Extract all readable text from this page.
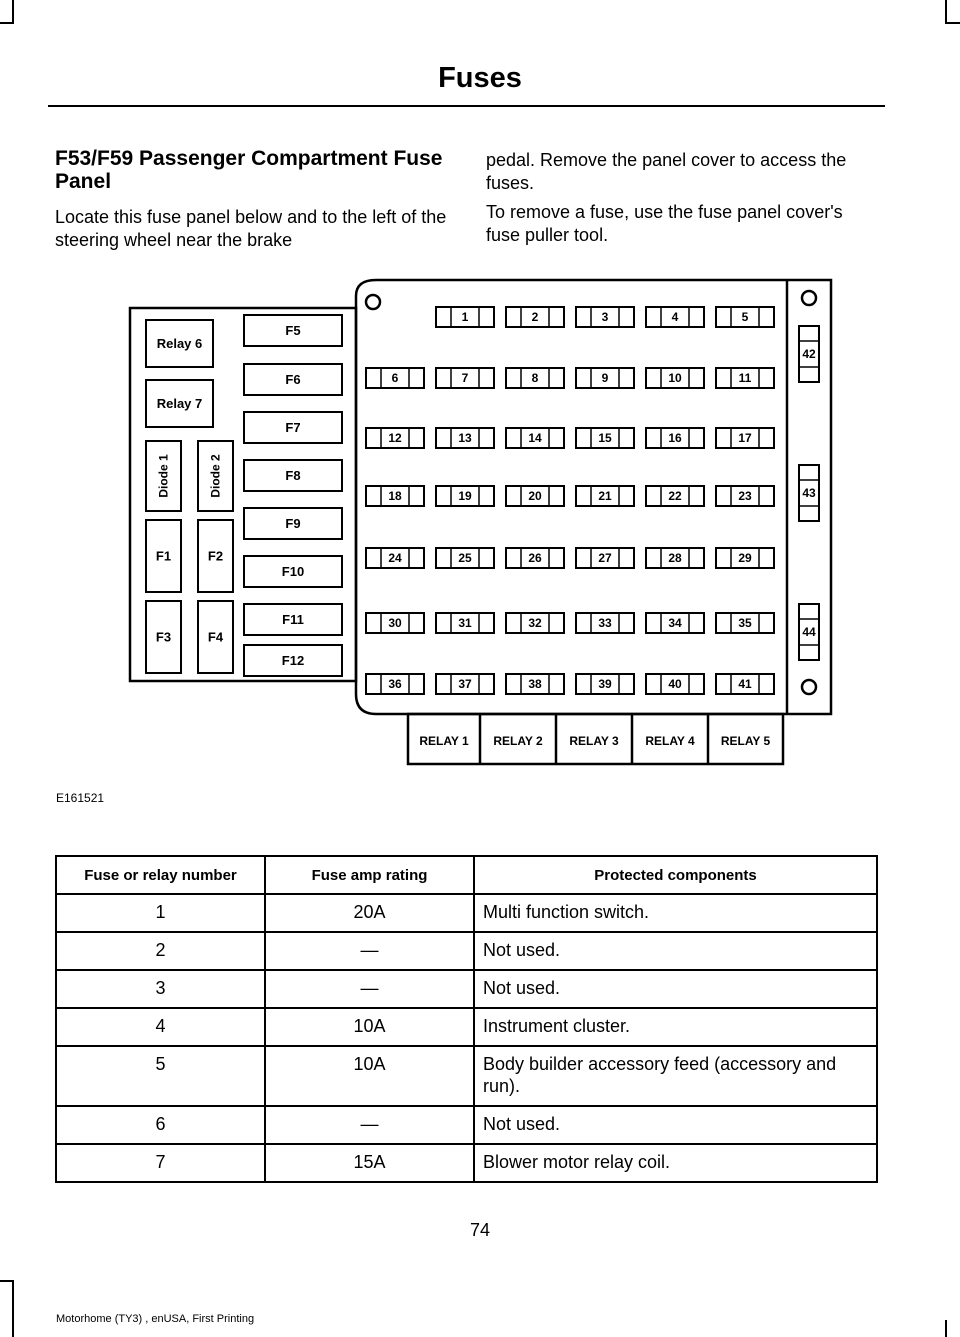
Fuses
F53/F59 Passenger Compartment Fuse Panel

Locate this fuse panel below and to the left of the steering wheel near the brake

pedal. Remove the panel cover to access the fuses.

To remove a fuse, use the fuse panel cover's fuse puller tool.

Relay 6
Relay 7
Diode 1	Diode 2
F1	F2
F3	F4
F5
F6
F7
F8
F9
F10
F11
F12
1	2	3	4	5
6	7	8	9	10	11
12	13	14	15	16	17
18	19	20	21	22	23
24	25	26	27	28	29
30	31	32	33	34	35
36	37	38	39	40	41
42
43
44
RELAY 1 RELAY 2 RELAY 3 RELAY 4 RELAY 5
E161521
Fuse or relay number	Fuse amp rating	Protected components
1	20A	Multi function switch.
2	—	Not used.
3	—	Not used.
4	10A	Instrument cluster.
5	10A	Body builder accessory feed (accessory and run).
6	—	Not used.
7	15A	Blower motor relay coil.
74
Motorhome (TY3) , enUSA, First Printing
